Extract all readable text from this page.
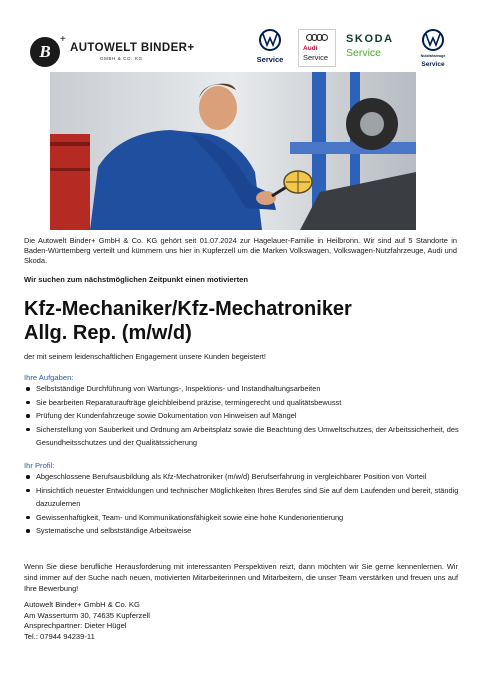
B
+
AUTOWELT BINDER+
GMBH & CO. KG	Service
Audi
Service
SKODA
Service	Nutzfahrzeuge
Service

Die Autowelt Binder+ GmbH & Co. KG gehört seit 01.07.2024 zur Hagelauer-Familie in Heilbronn. Wir sind auf 5 Standorte in Baden-Württemberg verteilt und kümmern uns hier in Kupferzell um die Marken Volkswagen, Volkswagen-Nutzfahrzeuge, Audi und Skoda.

Wir suchen zum nächstmöglichen Zeitpunkt einen motivierten

Kfz-Mechaniker/Kfz-Mechatroniker
Allg. Rep. (m/w/d)

der mit seinem leidenschaftlichen Engagement unsere Kunden begeistert!

Ihre Aufgaben:

Selbstständige Durchführung von Wartungs-, Inspektions- und Instandhaltungsarbeiten
Sie bearbeiten Reparaturaufträge gleichbleibend präzise, termingerecht und qualitätsbewusst
Prüfung der Kundenfahrzeuge sowie Dokumentation von Hinweisen auf Mängel
Sicherstellung von Sauberkeit und Ordnung am Arbeitsplatz sowie die Beachtung des Umweltschutzes, der Arbeitssicherheit, des Gesundheitsschutzes und der Qualitätssicherung

Ihr Profil:

Abgeschlossene Berufsausbildung als Kfz-Mechatroniker (m/w/d) Berufserfahrung in vergleichbarer Position von Vorteil
Hinsichtlich neuester Entwicklungen und technischer Möglichkeiten Ihres Berufes sind Sie auf dem Laufenden und bereit, ständig dazuzulernen
Gewissenhaftigkeit, Team- und Kommunikationsfähigkeit sowie eine hohe Kundenorientierung
Systematische und selbstständige Arbeitsweise

Wenn Sie diese berufliche Herausforderung mit interessanten Perspektiven reizt, dann möchten wir Sie gerne kennenlernen. Wir sind immer auf der Suche nach neuen, motivierten Mitarbeiterinnen und Mitarbeitern, die unser Team verstärken und freuen uns auf Ihre Bewerbung!

Autowelt Binder+ GmbH & Co. KG
Am Wasserturm 30, 74635 Kupferzell
Ansprechpartner: Dieter Hügel
Tel.: 07944 94239-11
